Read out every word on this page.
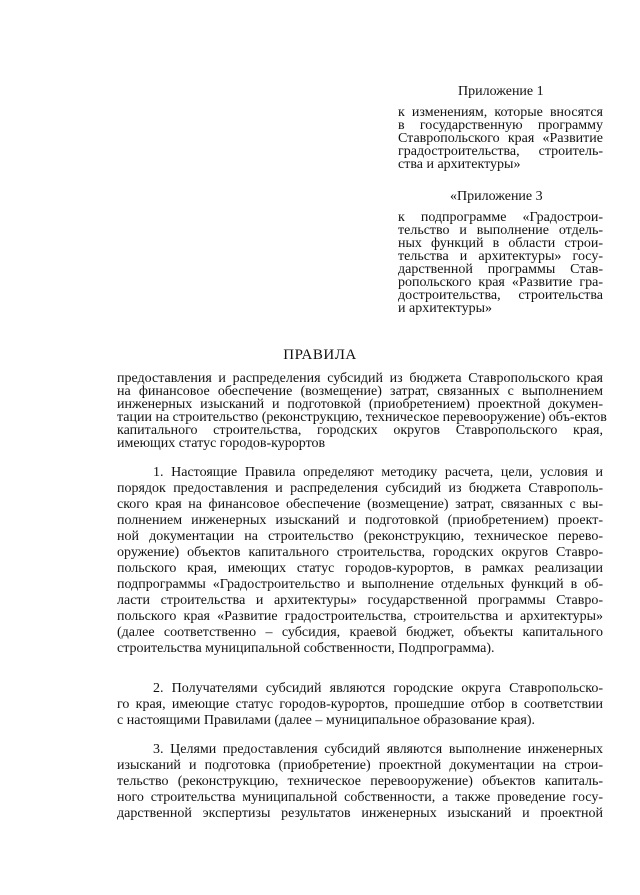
Приложение 1
к изменениям, которые вносятся
в государственную программу
Ставропольского края «Развитие
градостроительства, строитель-
ства и архитектуры»
«Приложение 3
к подпрограмме «Градострои-
тельство и выполнение отдель-
ных функций в области строи-
тельства и архитектуры» госу-
дарственной программы Став-
ропольского края «Развитие гра-
достроительства, строительства
и архитектуры»
ПРАВИЛА
предоставления и распределения субсидий из бюджета Ставропольского края
на финансовое обеспечение (возмещение) затрат, связанных с выполнением
инженерных изысканий и подготовкой (приобретением) проектной докумен-
тации на строительство (реконструкцию, техническое перевооружение) объ-ектов
капитального строительства, городских округов Ставропольского края,
имеющих статус городов-курортов
1. Настоящие Правила определяют методику расчета, цели, условия и
порядок предоставления и распределения субсидий из бюджета Ставрополь-
ского края на финансовое обеспечение (возмещение) затрат, связанных с вы-
полнением инженерных изысканий и подготовкой (приобретением) проект-
ной документации на строительство (реконструкцию, техническое перево-
оружение) объектов капитального строительства, городских округов Ставро-
польского края, имеющих статус городов-курортов, в рамках реализации
подпрограммы «Градостроительство и выполнение отдельных функций в об-
ласти строительства и архитектуры» государственной программы Ставро-
польского края «Развитие градостроительства, строительства и архитектуры»
(далее соответственно – субсидия, краевой бюджет, объекты капитального
строительства муниципальной собственности, Подпрограмма).
2. Получателями субсидий являются городские округа Ставропольско-
го края, имеющие статус городов-курортов, прошедшие отбор в соответствии
с настоящими Правилами (далее – муниципальное образование края).
3. Целями предоставления субсидий являются выполнение инженерных
изысканий и подготовка (приобретение) проектной документации на строи-
тельство (реконструкцию, техническое перевооружение) объектов капиталь-
ного строительства муниципальной собственности, а также проведение госу-
дарственной экспертизы результатов инженерных изысканий и проектной
